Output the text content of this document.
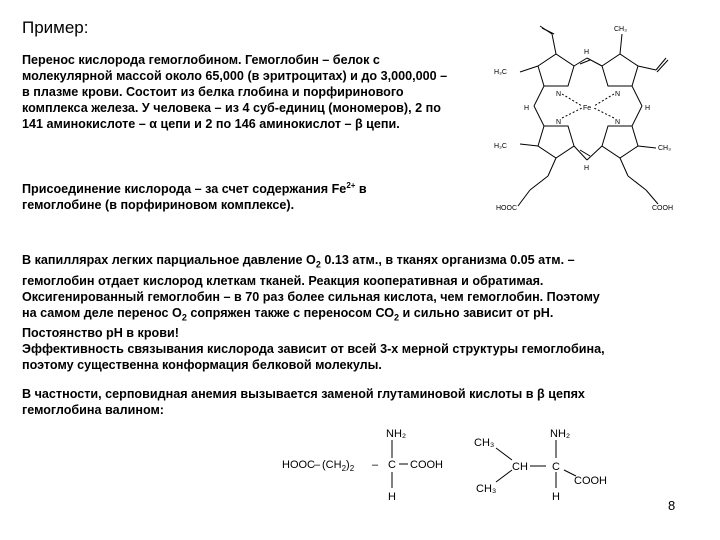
Пример:
Перенос кислорода гемоглобином. Гемоглобин – белок с
молекулярной массой около 65,000 (в эритроцитах) и до 3,000,000 –
в плазме крови. Состоит из белка глобина и порфиринового
комплекса железа. У человека – из 4 суб-единиц (мономеров), 2 по
141 аминокислоте – α цепи и 2 по 146 аминокислот – β цепи.
Присоединение кислорода – за счет содержания $Fe^{2+}$ в
гемоглобине (в порфириновом комплексе).
В капиллярах легких парциальное давление $О_2$ 0.13 атм., в тканях организма 0.05 атм. –
гемоглобин отдает кислород клеткам тканей. Реакция кооперативная и обратимая.
Оксигенированный гемоглобин – в 70 раз более сильная кислота, чем гемоглобин. Поэтому
на самом деле перенос $О_2$ сопряжен также с переносом $СО_2$ и сильно зависит от рН.
Постоянство рН в крови!
Эффективность связывания кислорода зависит от всей 3-х мерной структуры гемоглобина,
поэтому существенна конформация белковой молекулы.
В частности, серповидная анемия вызывается заменой глутаминовой кислоты в β цепях
гемоглобина валином:
H₃C
CH₃
H
H
H	H
N	N
N	N
Fe
H₃C	CH₃
HOOC	COOH
NH₂
HOOC – $(CH_2)_2$ – C COOH
H
CH₃
NH₂
CH C
COOH
CH₃
H
8
